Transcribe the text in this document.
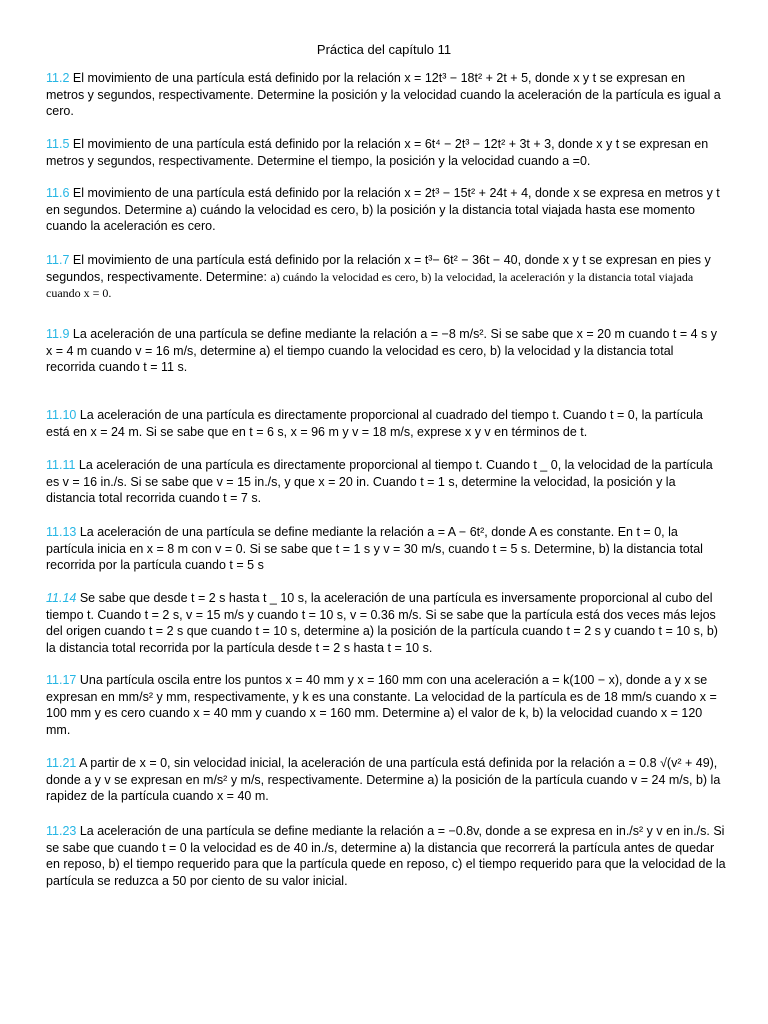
Práctica del capítulo 11
11.2 El movimiento de una partícula está definido por la relación x = 12t³ − 18t² + 2t + 5, donde x y t se expresan en metros y segundos, respectivamente. Determine la posición y la velocidad cuando la aceleración de la partícula es igual a cero.
11.5 El movimiento de una partícula está definido por la relación x = 6t⁴ − 2t³ − 12t² + 3t + 3, donde x y t se expresan en metros y segundos, respectivamente. Determine el tiempo, la posición y la velocidad cuando a =0.
11.6 El movimiento de una partícula está definido por la relación x = 2t³ − 15t² + 24t + 4, donde x se expresa en metros y t en segundos. Determine a) cuándo la velocidad es cero, b) la posición y la distancia total viajada hasta ese momento cuando la aceleración es cero.
11.7 El movimiento de una partícula está definido por la relación x = t³− 6t² − 36t − 40, donde x y t se expresan en pies y segundos, respectivamente. Determine: a) cuándo la velocidad es cero, b) la velocidad, la aceleración y la distancia total viajada cuando x = 0.
11.9 La aceleración de una partícula se define mediante la relación a = −8 m/s². Si se sabe que x = 20 m cuando t = 4 s y x = 4 m cuando v = 16 m/s, determine a) el tiempo cuando la velocidad es cero, b) la velocidad y la distancia total recorrida cuando t = 11 s.
11.10 La aceleración de una partícula es directamente proporcional al cuadrado del tiempo t. Cuando t = 0, la partícula está en x = 24 m. Si se sabe que en t = 6 s, x = 96 m y v = 18 m/s, exprese x y v en términos de t.
11.11 La aceleración de una partícula es directamente proporcional al tiempo t. Cuando t _ 0, la velocidad de la partícula es v = 16 in./s. Si se sabe que v = 15 in./s, y que x = 20 in. Cuando t = 1 s, determine la velocidad, la posición y la distancia total recorrida cuando t = 7 s.
11.13 La aceleración de una partícula se define mediante la relación a = A − 6t², donde A es constante. En t = 0, la partícula inicia en x = 8 m con v = 0. Si se sabe que t = 1 s y v = 30 m/s, cuando t = 5 s. Determine, b) la distancia total recorrida por la partícula cuando t = 5 s
11.14 Se sabe que desde t = 2 s hasta t _ 10 s, la aceleración de una partícula es inversamente proporcional al cubo del tiempo t. Cuando t = 2 s, v = 15 m/s y cuando t = 10 s, v = 0.36 m/s. Si se sabe que la partícula está dos veces más lejos del origen cuando t = 2 s que cuando t = 10 s, determine a) la posición de la partícula cuando t = 2 s y cuando t = 10 s, b) la distancia total recorrida por la partícula desde t = 2 s hasta t = 10 s.
11.17 Una partícula oscila entre los puntos x = 40 mm y x = 160 mm con una aceleración a = k(100 − x), donde a y x se expresan en mm/s² y mm, respectivamente, y k es una constante. La velocidad de la partícula es de 18 mm/s cuando x = 100 mm y es cero cuando x = 40 mm y cuando x = 160 mm. Determine a) el valor de k, b) la velocidad cuando x = 120 mm.
11.21 A partir de x = 0, sin velocidad inicial, la aceleración de una partícula está definida por la relación a = 0.8 √(v² + 49), donde a y v se expresan en m/s² y m/s, respectivamente. Determine a) la posición de la partícula cuando v = 24 m/s, b) la rapidez de la partícula cuando x = 40 m.
11.23 La aceleración de una partícula se define mediante la relación a = −0.8v, donde a se expresa en in./s² y v en in./s. Si se sabe que cuando t = 0 la velocidad es de 40 in./s, determine a) la distancia que recorrerá la partícula antes de quedar en reposo, b) el tiempo requerido para que la partícula quede en reposo, c) el tiempo requerido para que la velocidad de la partícula se reduzca a 50 por ciento de su valor inicial.
